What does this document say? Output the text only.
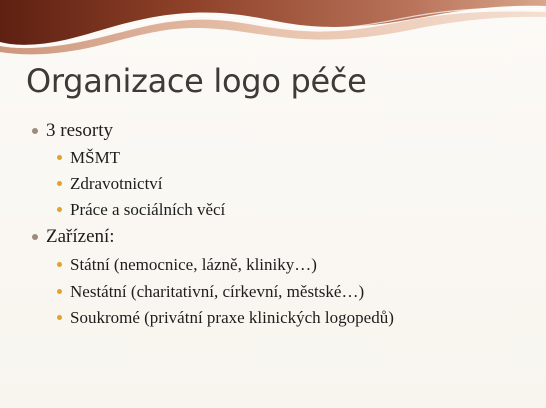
Organizace logo péče
3 resorty
MŠMT
Zdravotnictví
Práce a sociálních věcí
Zařízení:
Státní (nemocnice, lázně, kliniky…)
Nestátní (charitativní, církevní, městské…)
Soukromé (privátní praxe klinických logopedů)
